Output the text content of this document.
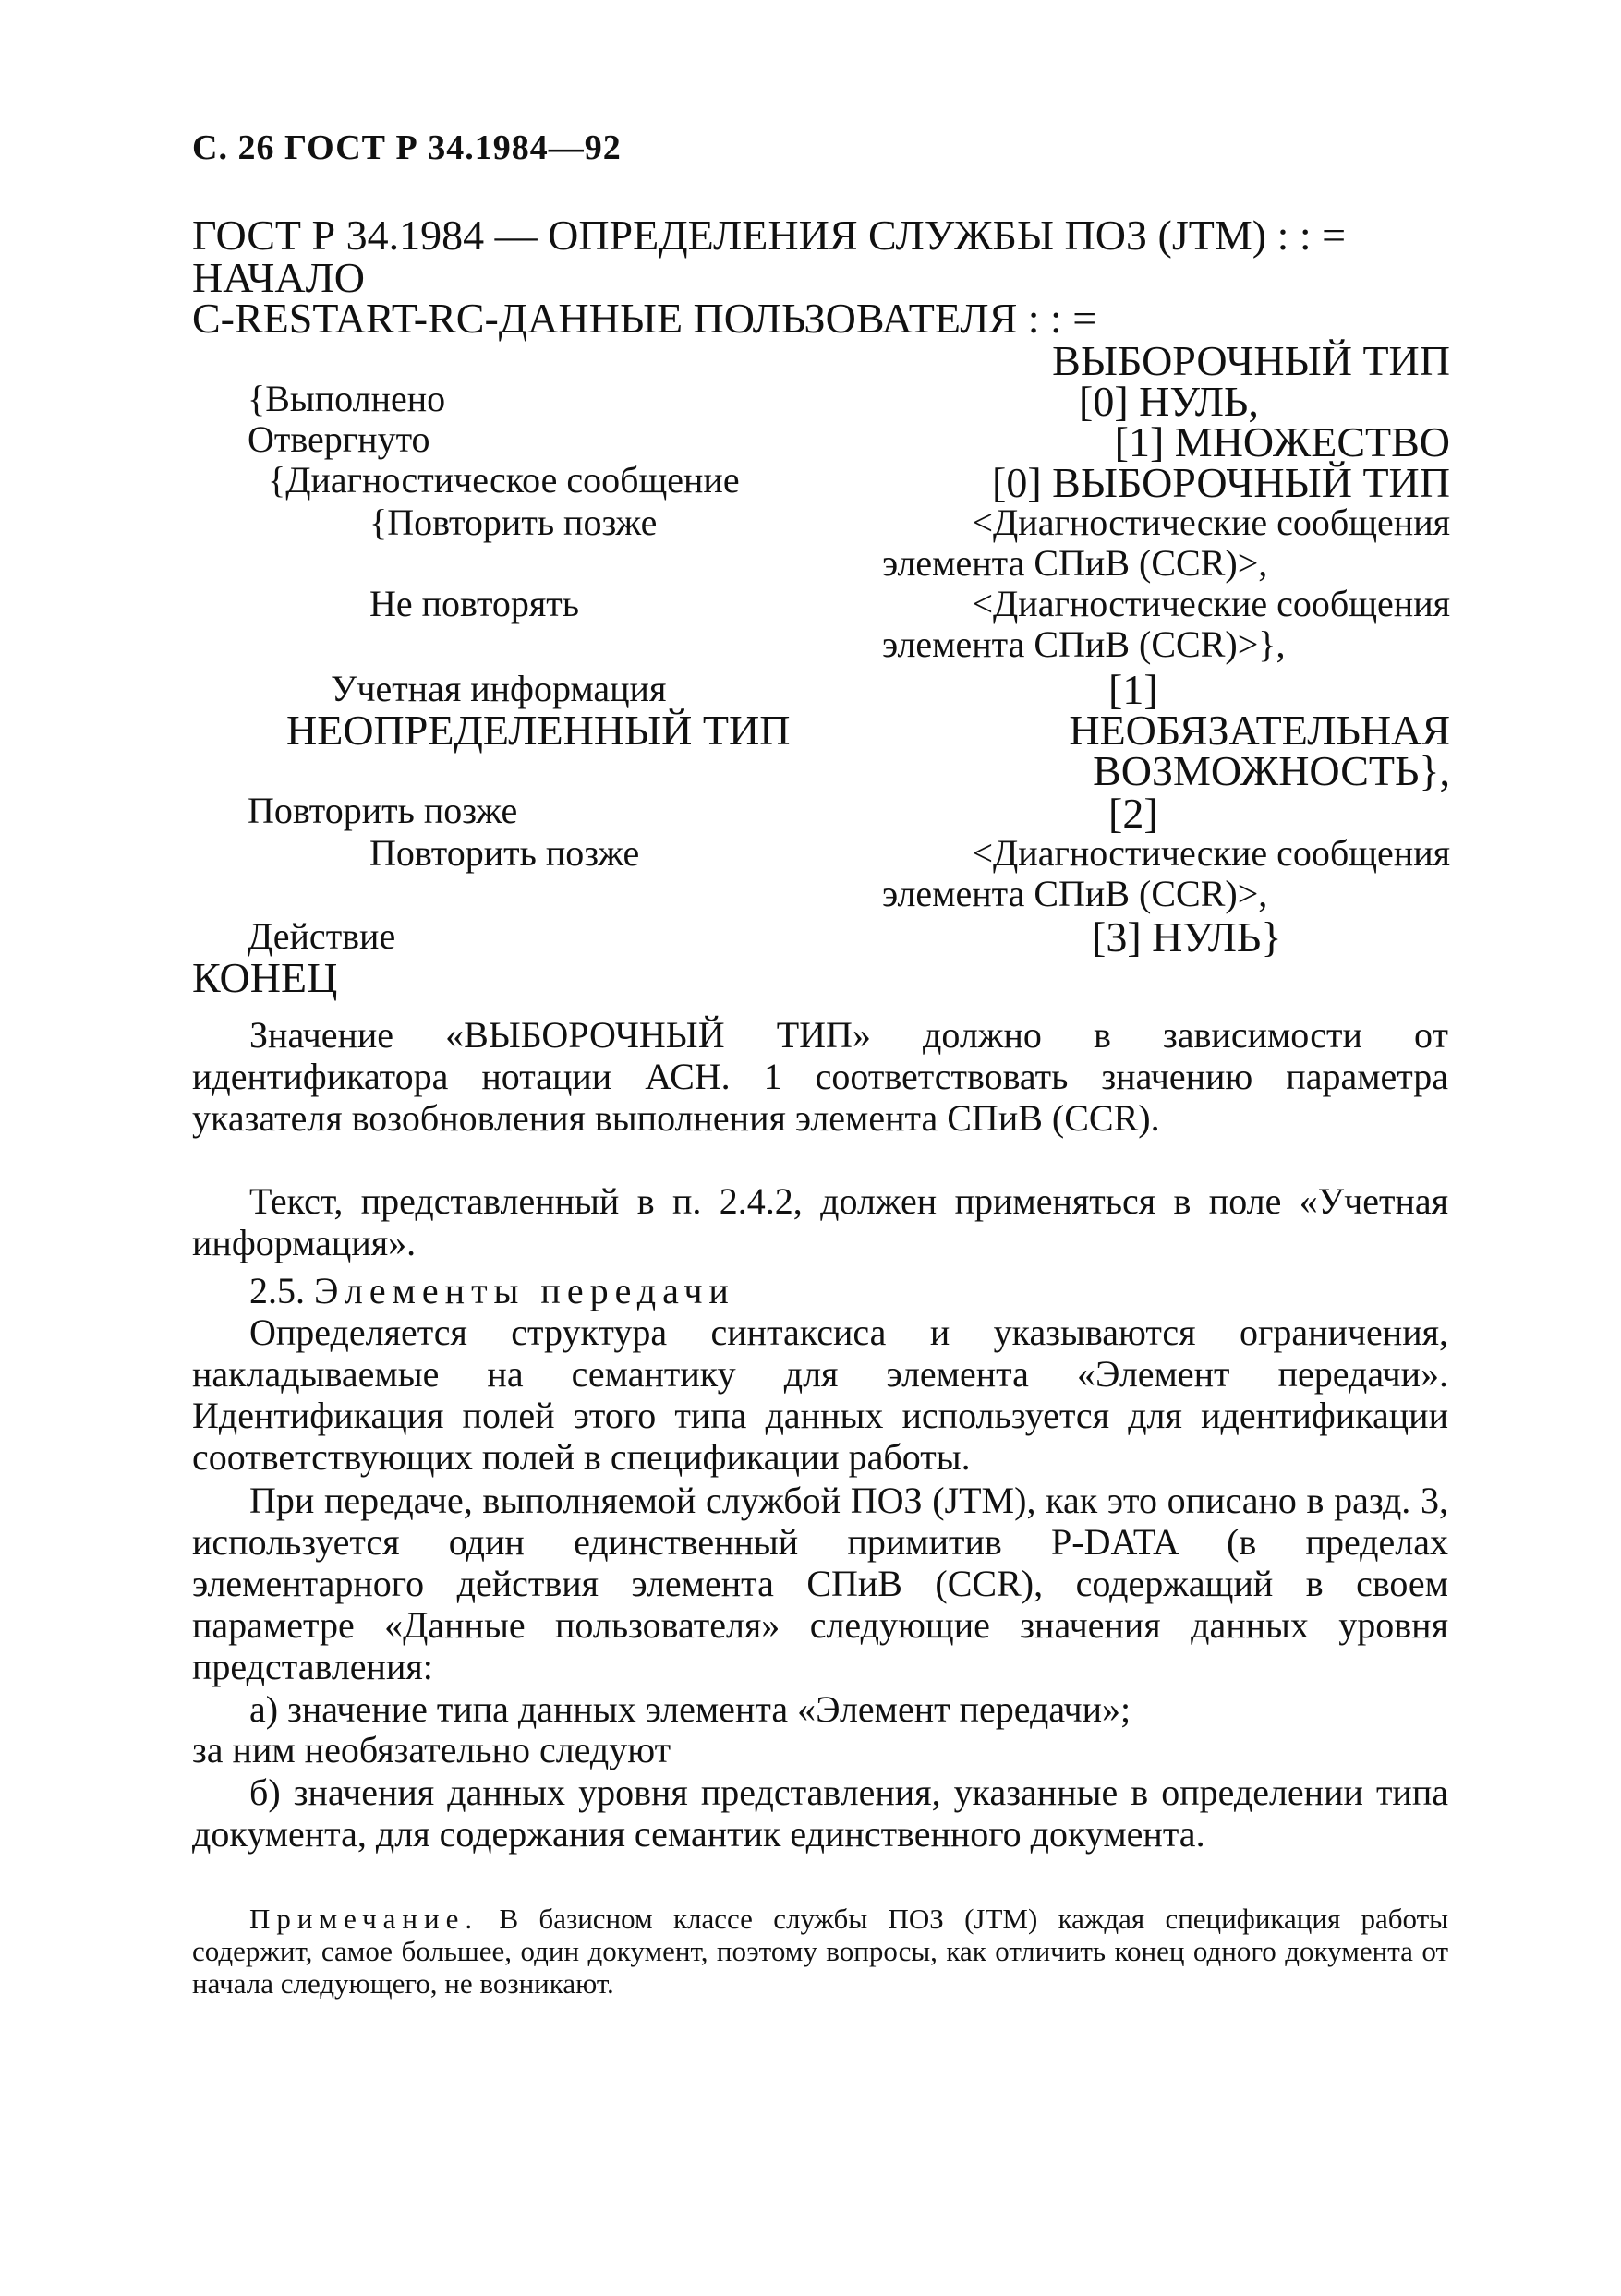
С. 26 ГОСТ Р 34.1984—92
ГОСТ Р 34.1984 — ОПРЕДЕЛЕНИЯ СЛУЖБЫ ПОЗ (JTM) : : =
НАЧАЛО
С-RESTART-RC-ДАННЫЕ ПОЛЬЗОВАТЕЛЯ : : =
{Выполнено
Отвергнуто
{Диагностическое сообщение
{Повторить позже
Не повторять
Учетная информация
НЕОПРЕДЕЛЕННЫЙ ТИП
Повторить позже
Повторить позже
Действие
КОНЕЦ
ВЫБОРОЧНЫЙ ТИП
[0] НУЛЬ,
[1] МНОЖЕСТВО
[0] ВЫБОРОЧНЫЙ ТИП
<Диагностические сообщения
элемента СПиВ (CCR)>,
<Диагностические сообщения
элемента СПиВ (CCR)>},
[1]
НЕОБЯЗАТЕЛЬНАЯ
ВОЗМОЖНОСТЬ},
[2]
<Диагностические сообщения
элемента СПиВ (CCR)>,
[3] НУЛЬ}
Значение «ВЫБОРОЧНЫЙ ТИП» должно в зависимости от идентификатора нотации АСН. 1 соответствовать значению параметра указателя возобновления выполнения элемента СПиВ (CCR).
Текст, представленный в п. 2.4.2, должен применяться в поле «Учетная информация».
2.5. Элементы передачи
Определяется структура синтаксиса и указываются ограничения, накладываемые на семантику для элемента «Элемент передачи». Идентификация полей этого типа данных используется для идентификации соответствующих полей в спецификации работы.
При передаче, выполняемой службой ПОЗ (JTM), как это описано в разд. 3, используется один единственный примитив P-DATA (в пределах элементарного действия элемента СПиВ (CCR), содержащий в своем параметре «Данные пользователя» следующие значения данных уровня представления:
а) значение типа данных элемента «Элемент передачи»;
за ним необязательно следуют
б) значения данных уровня представления, указанные в определении типа документа, для содержания семантик единственного документа.
Примечание. В базисном классе службы ПОЗ (JTM) каждая спецификация работы содержит, самое большее, один документ, поэтому вопросы, как отличить конец одного документа от начала следующего, не возникают.
